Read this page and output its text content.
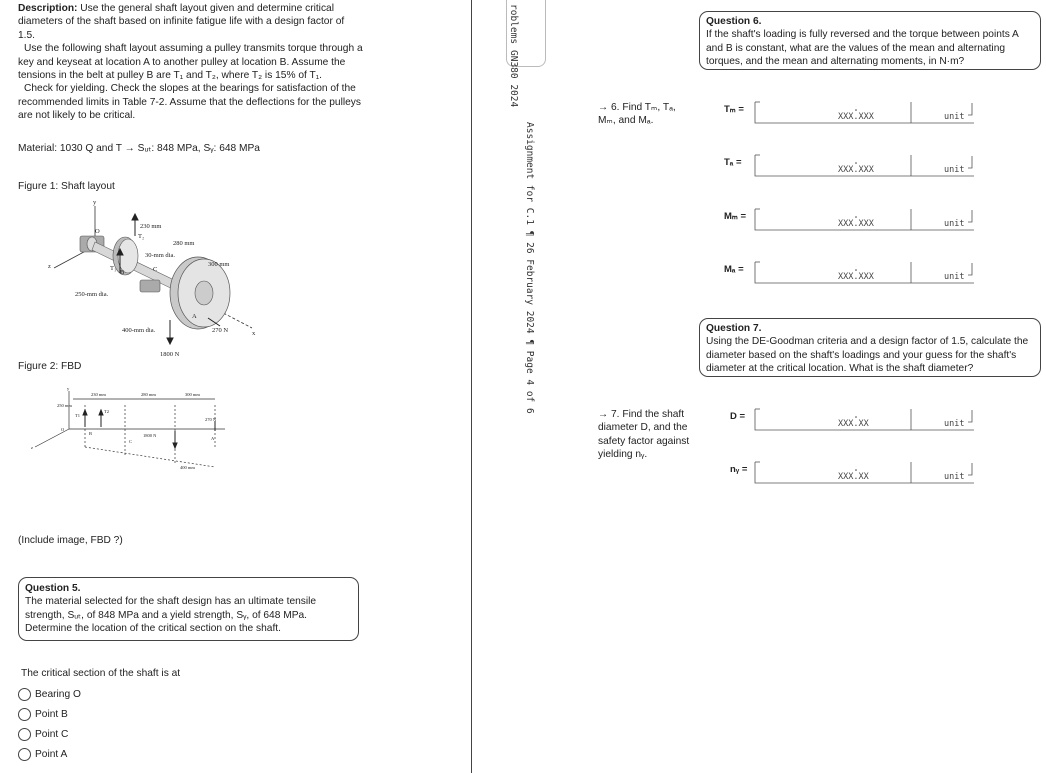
Description: Use the general shaft layout given and determine critical diameters of the shaft based on infinite fatigue life with a design factor of 1.5.

Use the following shaft layout assuming a pulley transmits torque through a key and keyseat at location A to another pulley at location B. Assume the tensions in the belt at pulley B are T₁ and T₂, where T₂ is 15% of T₁.
Check for yielding. Check the slopes at the bearings for satisfaction of the recommended limits in Table 7-2. Assume that the deflections for the pulleys are not likely to be critical.
Material: 1030 Q and T → Sᵤₜ: 848 MPa, Sᵧ: 648 MPa
Figure 1: Shaft layout
y
z
x
O
B	C
A
T₁
T₂
230 mm
280 mm
300 mm
30-mm dia.
250-mm dia.
400-mm dia.	270 N
1800 N
Figure 2: FBD
y
z
O
B
C
A
T1
T2
230 mm	280 mm	300 mm
270 N
1800 N
250 mm
400 mm
(Include image, FBD ?)
Question 5.
The material selected for the shaft design has an ultimate tensile strength, Sᵤₜ, of 848 MPa and a yield strength, Sᵧ, of 648 MPa. Determine the location of the critical section on the shaft.
The critical section of the shaft is at
Bearing O
Point B
Point C
Point A
roblems
GN380 2024
Assignment for C.1 ¶ 26 February 2024 ¶ Page 4 of 6
Question 6.
If the shaft's loading is fully reversed and the torque between points A and B is constant, what are the values of the mean and alternating torques, and the mean and alternating moments, in N·m?
→ 6. Find Tₘ, Tₐ, Mₘ, and Mₐ.
Tₘ =
XXX.XXX	unit
Tₐ =
XXX.XXX	unit
Mₘ =
XXX.XXX	unit
Mₐ =
XXX.XXX	unit
Question 7.
Using the DE-Goodman criteria and a design factor of 1.5, calculate the diameter based on the shaft's loadings and your guess for the shaft's diameter at the critical location. What is the shaft diameter?
→ 7. Find the shaft diameter D, and the safety factor against yielding nᵧ.
D =
XXX.XX	unit
nᵧ =
XXX.XX	unit
